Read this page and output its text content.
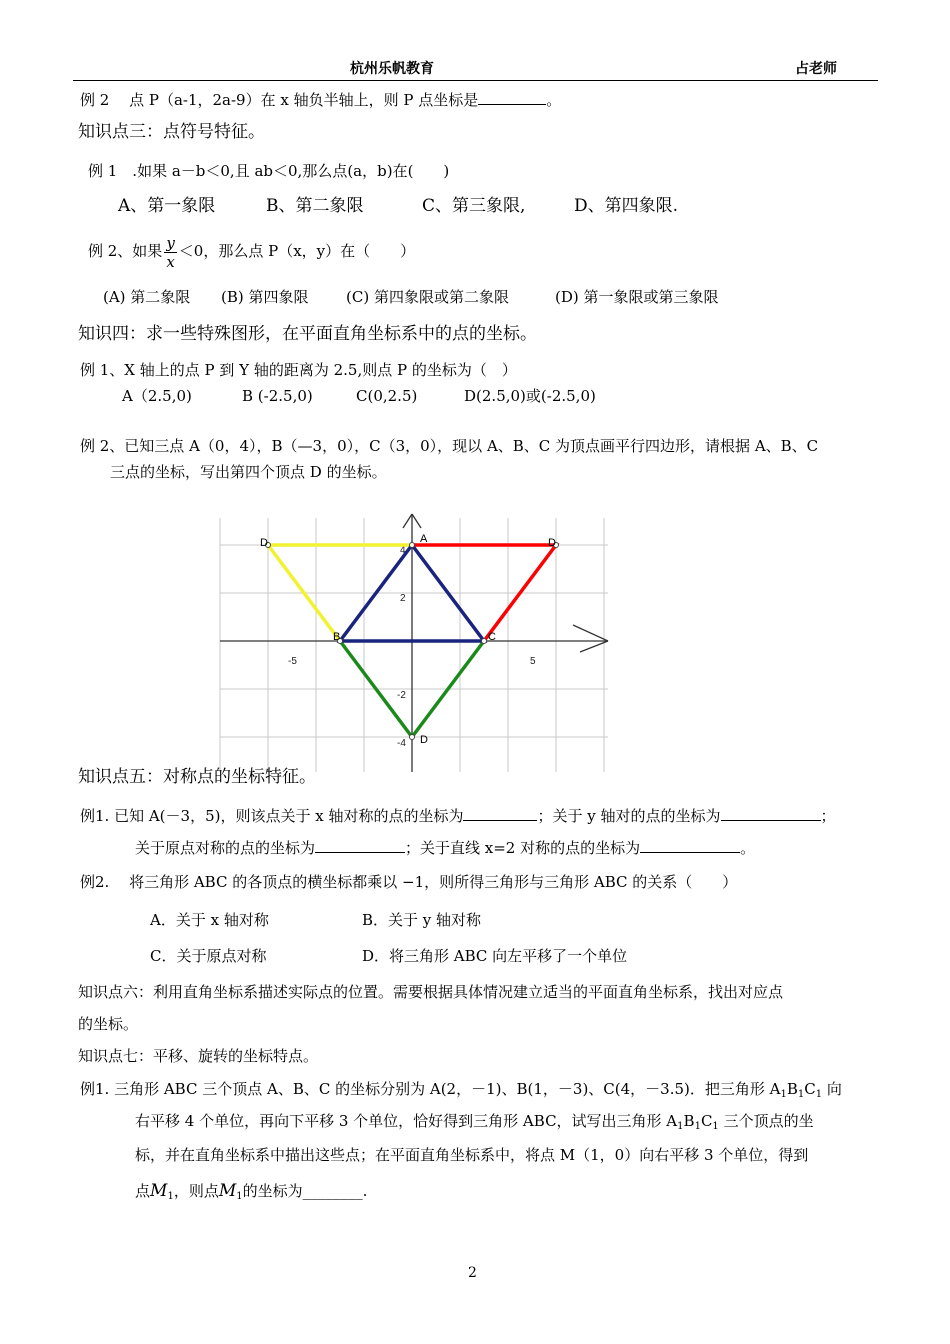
杭州乐帆教育	占老师
例 2　 点 P（a-1，2a-9）在 x 轴负半轴上，则 P 点坐标是	。
知识点三：点符号特征。
例 1　.如果 a－b＜0,且 ab＜0,那么点(a，b)在(　　)
A、第一象限	B、第二象限	C、第三象限,	D、第四象限.
例 2、如果 $\frac{y}{x} <0$，那么点 P（x，y）在（　　）
(A) 第二象限 (B) 第四象限	(C) 第四象限或第二象限	(D) 第一象限或第三象限
知识四：求一些特殊图形，在平面直角坐标系中的点的坐标。
例 1、X 轴上的点 P 到 Y 轴的距离为 2.5,则点 P 的坐标为（　）
A（2.5,0)	B (-2.5,0)	C(0,2.5)	D(2.5,0)或(-2.5,0)
例 2、已知三点 A（0，4），B（—3，0），C（3，0），现以 A、B、C 为顶点画平行四边形，请根据 A、B、C
三点的坐标，写出第四个顶点 D 的坐标。
-5	5
4
2
-2
-4
A
B	C
D	D
D
知识点五：对称点的坐标特征。
例1. 已知 A(－3，5)，则该点关于 x 轴对称的点的坐标为	；关于 y 轴对的点的坐标为	；
关于原点对称的点的坐标为	；关于直线 x=2 对称的点的坐标为	。
例2.　 将三角形 ABC 的各顶点的横坐标都乘以 −1，则所得三角形与三角形 ABC 的关系（　　）
A．关于 x 轴对称	B．关于 y 轴对称
C．关于原点对称	D．将三角形 ABC 向左平移了一个单位
知识点六：利用直角坐标系描述实际点的位置。需要根据具体情况建立适当的平面直角坐标系，找出对应点
的坐标。
知识点七：平移、旋转的坐标特点。
例1. 三角形 ABC 三个顶点 A、B、C 的坐标分别为 A(2，－1)、B(1，－3)、C(4，－3.5)．把三角形 $A_1B_1C_1$ 向
右平移 4 个单位，再向下平移 3 个单位，恰好得到三角形 ABC，试写出三角形 $A_1B_1C_1$ 三个顶点的坐
标，并在直角坐标系中描出这些点；在平面直角坐标系中，将点 M（1，0）向右平移 3 个单位，得到
点$M_1$，则点$M_1$的坐标为________.
2
